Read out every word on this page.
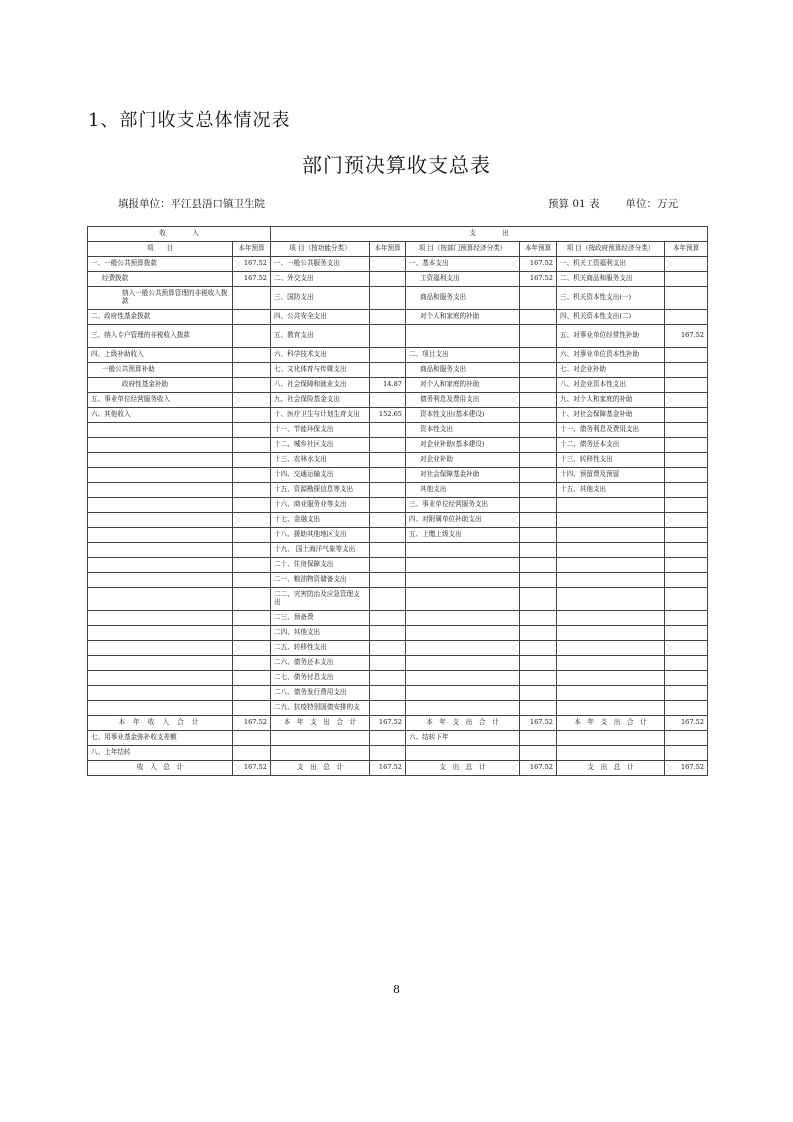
1、部门收支总体情况表
部门预决算收支总表
填报单位：平江县浯口镇卫生院	预算 01 表 单位：万元
收　　　　入		支　　　　出					
项　　目	本年预算	项 目（按功能分类）	本年预算	项 目（按部门预算经济分类）	本年预算	项 目（按政府预算经济分类）	本年预算
一、一般公共预算拨款	167.52	一、一般公共服务支出		一、基本支出	167.52	一、机关工资福利支出	
经费拨款	167.52	二、外交支出		工资福利支出	167.52	二、机关商品和服务支出	
纳入一般公共预算管理的非税收入拨款		三、国防支出		商品和服务支出		三、机关资本性支出(一)	
二、政府性基金拨款		四、公共安全支出		对个人和家庭的补助		四、机关资本性支出(二)	
三、纳入专户管理的非税收入拨款		五、教育支出				五、对事业单位经常性补助	167.52
四、上级补助收入		六、科学技术支出		二、项目支出		六、对事业单位资本性补助	
一般公共预算补助		七、文化体育与传媒支出		商品和服务支出		七、对企业补助	
政府性基金补助		八、社会保障和就业支出	14.87	对个人和家庭的补助		八、对企业资本性支出	
五、事业单位经营服务收入		九、社会保险基金支出		债务利息及费用支出		九、对个人和家庭的补助	
六、其他收入		十、医疗卫生与计划生育支出	152.65	资本性支出(基本建设)		十、对社会保障基金补助	
		十一、节能环保支出		资本性支出		十一、债务利息及费用支出	
		十二、城乡社区支出		对企业补助(基本建设)		十二、债务还本支出	
		十三、农林水支出		对企业补助		十三、转移性支出	
		十四、交通运输支出		对社会保障基金补助		十四、预留费及预留	
		十五、资源勘探信息等支出		其他支出		十五、其他支出	
		十六、商业服务业等支出		三、事业单位经营服务支出			
		十七、金融支出		四、对附属单位补助支出			
		十八、援助其他地区支出		五、上缴上级支出			
		十九、 国土海洋气象等支出					
		二十、住房保障支出					
		二一、粮油物资储备支出					
		二二、灾害防治及应急管理支出					
		二三、预备费					
		二四、其他支出					
		二五、转移性支出					
		二六、债务还本支出					
		二七、债务付息支出					
		二八、债务发行费用支出					
		二九、抗疫特别国债安排的支					
本 年 收 入 合 计	167.52	本　年　支　出　合　计	167.52	本　年　支　出　合　计	167.52	本　年　支　出　合　计	167.52
七、用事业基金弥补收支差额				六、结转下年			
八、上年结转							
收　入　总　计	167.52	支　出　总　计	167.52	支　出　总　计	167.52	支　出　总　计	167.52
8
